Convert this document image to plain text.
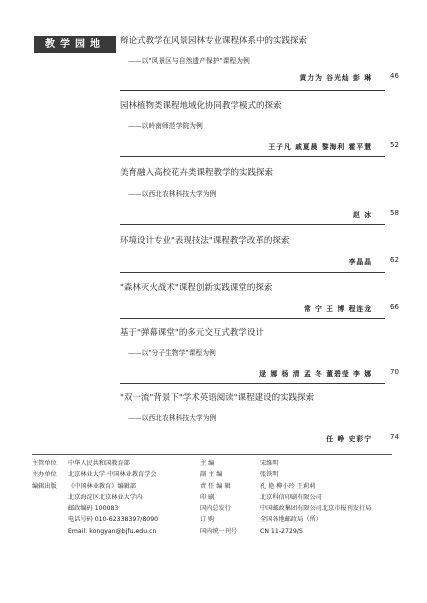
教学园地	辩论式教学在风景园林专业课程体系中的实践探索
——以"风景区与自然遗产保护"课程为例
黄力为 谷光灿 彭 琳	46
园林植物类课程地域化协同教学模式的探索
——以岭南师范学院为例
王子凡 戚夏晨 黎海利 霍平慧	52
美育融入高校花卉类课程教学的实践探索
——以西北农林科技大学为例
赵 冰	58
环境设计专业"表现技法"课程教学改革的探索
李晶晶	62
"森林灭火战术"课程创新实践课堂的探索
常 宁 王 博 程连龙	66
基于"弹幕课堂"的多元交互式教学设计
——以"分子生物学"课程为例
逯 娜 杨 清 孟 冬 董碧莹 李 娜	70
"双一流"背景下"学术英语阅读"课程建设的实践探索
——以西北农林科技大学为例
任 峥 史彩宁	74
主管单位	中华人民共和国教育部
主办单位	北京林业大学 中国林业教育学会
编辑出版	《中国林业教育》编辑部
北京海淀区北京林业大学内
邮政编码 100083
电话号码 010-62338397/8090
Email: kongyan@bjfu.edu.cn
主 编	宋维明
副 主 编	张铁明
责 任 编 辑	孔 艳 柳小玲 王莉莉
印 刷	北京科信印刷有限公司
国内总发行	中国邮政集团有限公司北京市报刊发行局
订 购	全国各地邮政局（所）
国内统一刊号	CN 11-2729/S
